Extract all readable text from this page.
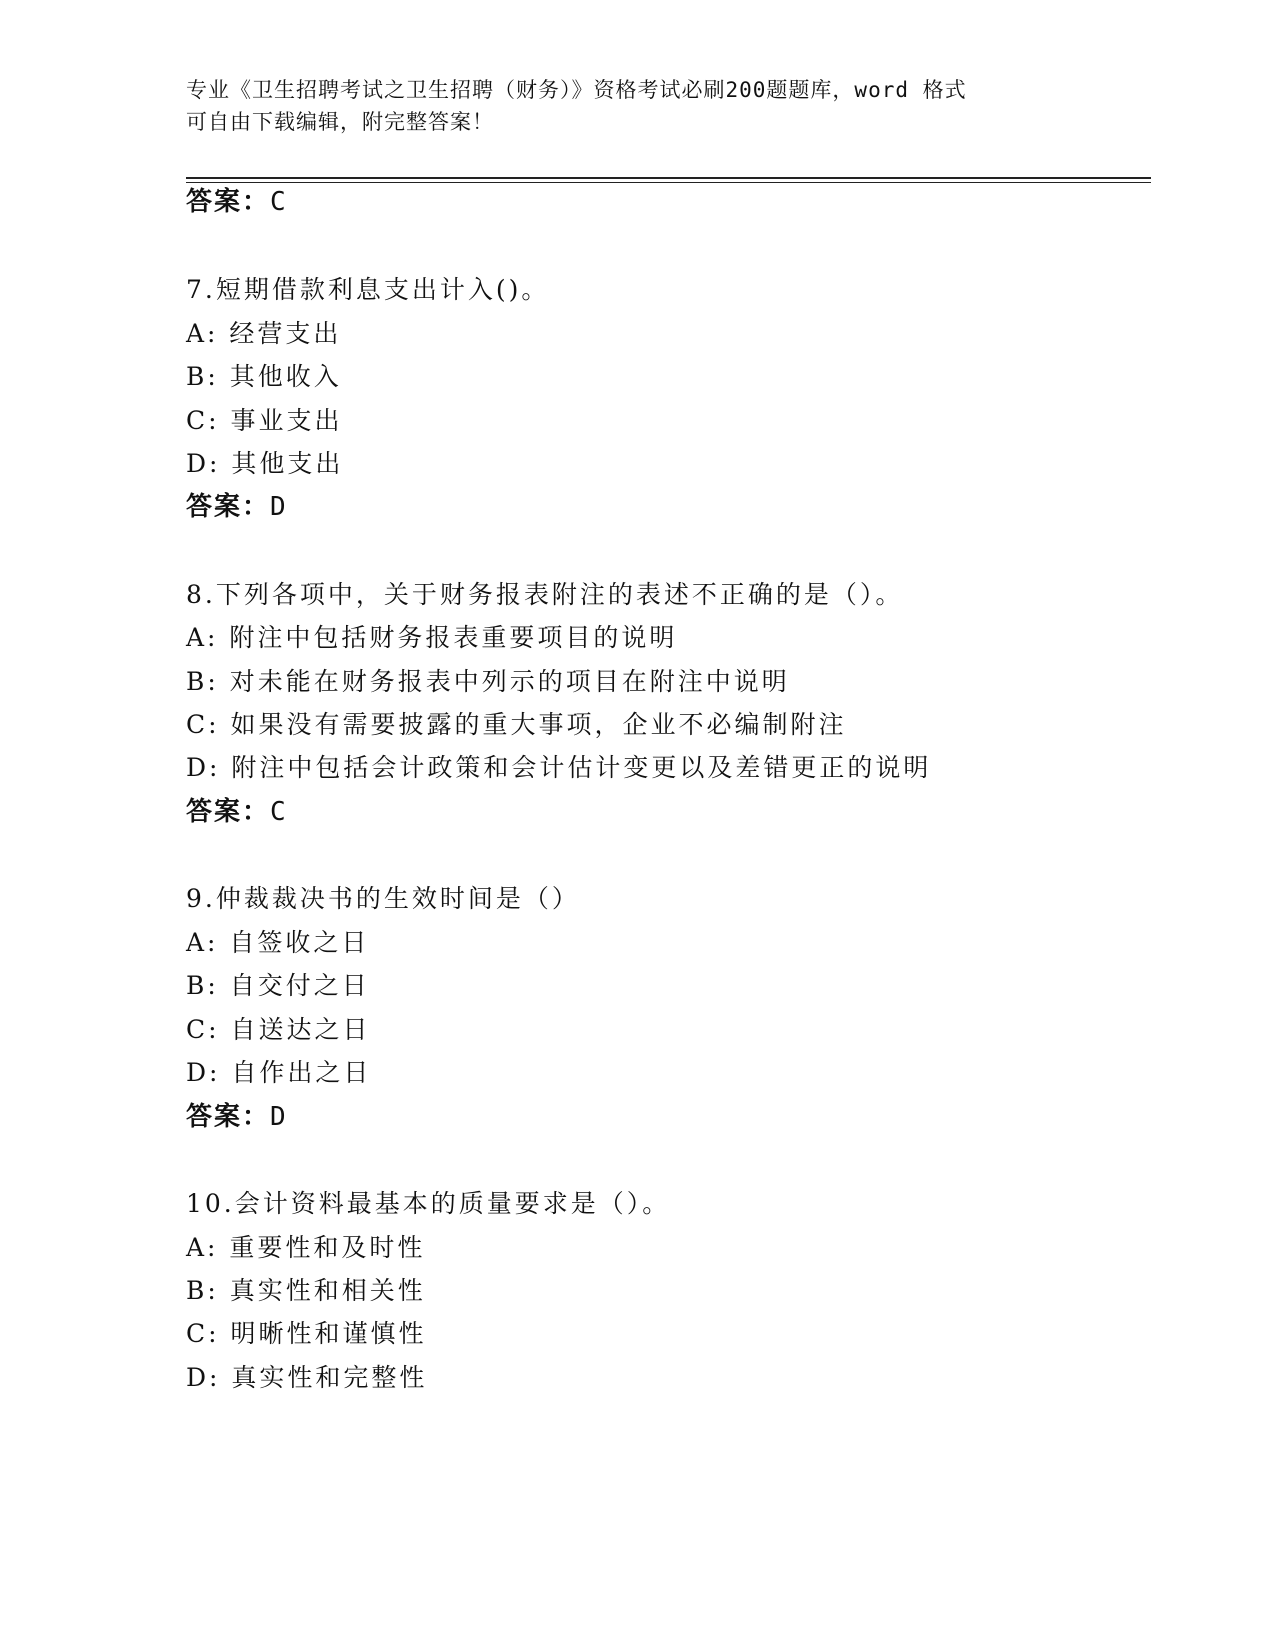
专业《卫生招聘考试之卫生招聘（财务）》资格考试必刷200题题库，word 格式
可自由下载编辑，附完整答案！
答案：C
7.短期借款利息支出计入()。
A: 经营支出
B: 其他收入
C: 事业支出
D: 其他支出
答案：D
8.下列各项中，关于财务报表附注的表述不正确的是（）。
A: 附注中包括财务报表重要项目的说明
B: 对未能在财务报表中列示的项目在附注中说明
C: 如果没有需要披露的重大事项，企业不必编制附注
D: 附注中包括会计政策和会计估计变更以及差错更正的说明
答案：C
9.仲裁裁决书的生效时间是（）
A: 自签收之日
B: 自交付之日
C: 自送达之日
D: 自作出之日
答案：D
10.会计资料最基本的质量要求是（）。
A: 重要性和及时性
B: 真实性和相关性
C: 明晰性和谨慎性
D: 真实性和完整性
